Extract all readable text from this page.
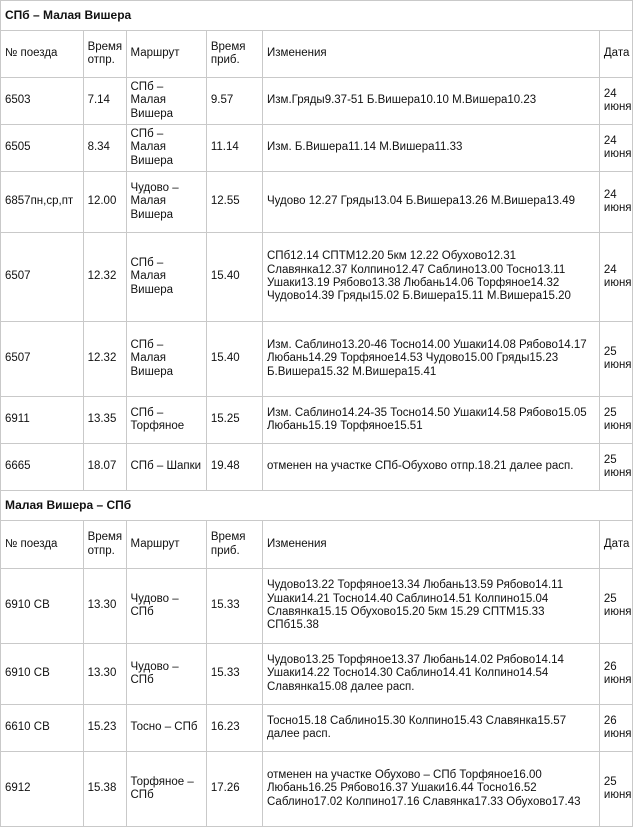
СПб – Малая Вишера					
№ поезда	Время отпр.	Маршрут	Время приб.	Изменения	Дата
6503	7.14	СПб – Малая Вишера	9.57	Изм.Гряды9.37-51 Б.Вишера10.10 М.Вишера10.23	24 июня
6505	8.34	СПб – Малая Вишера	11.14	Изм. Б.Вишера11.14 М.Вишера11.33	24 июня
6857пн,ср,пт	12.00	Чудово – Малая Вишера	12.55	Чудово 12.27 Гряды13.04 Б.Вишера13.26 М.Вишера13.49	24 июня
6507	12.32	СПб – Малая Вишера	15.40	СПб12.14 СПТМ12.20 5км 12.22 Обухово12.31 Славянка12.37 Колпино12.47 Саблино13.00 Тосно13.11 Ушаки13.19 Рябово13.38 Любань14.06 Торфяное14.32 Чудово14.39 Гряды15.02 Б.Вишера15.11 М.Вишера15.20	24 июня
6507	12.32	СПб – Малая Вишера	15.40	Изм. Саблино13.20-46 Тосно14.00 Ушаки14.08 Рябово14.17 Любань14.29 Торфяное14.53 Чудово15.00 Гряды15.23 Б.Вишера15.32 М.Вишера15.41	25 июня
6911	13.35	СПб – Торфяное	15.25	Изм. Саблино14.24-35 Тосно14.50 Ушаки14.58 Рябово15.05 Любань15.19 Торфяное15.51	25 июня
6665	18.07	СПб – Шапки	19.48	отменен на участке СПб-Обухово отпр.18.21 далее расп.	25 июня
Малая Вишера – СПб					
№ поезда	Время отпр.	Маршрут	Время приб.	Изменения	Дата
6910 СВ	13.30	Чудово – СПб	15.33	Чудово13.22 Торфяное13.34 Любань13.59 Рябово14.11 Ушаки14.21 Тосно14.40 Саблино14.51 Колпино15.04 Славянка15.15 Обухово15.20 5км 15.29 СПТМ15.33 СПб15.38	25 июня
6910 СВ	13.30	Чудово – СПб	15.33	Чудово13.25 Торфяное13.37 Любань14.02 Рябово14.14 Ушаки14.22 Тосно14.30 Саблино14.41 Колпино14.54 Славянка15.08 далее расп.	26 июня
6610 СВ	15.23	Тосно – СПб	16.23	Тосно15.18 Саблино15.30 Колпино15.43 Славянка15.57 далее расп.	26 июня
6912	15.38	Торфяное – СПб	17.26	отменен на участке Обухово – СПб Торфяное16.00 Любань16.25 Рябово16.37 Ушаки16.44 Тосно16.52 Саблино17.02 Колпино17.16 Славянка17.33 Обухово17.43	25 июня
